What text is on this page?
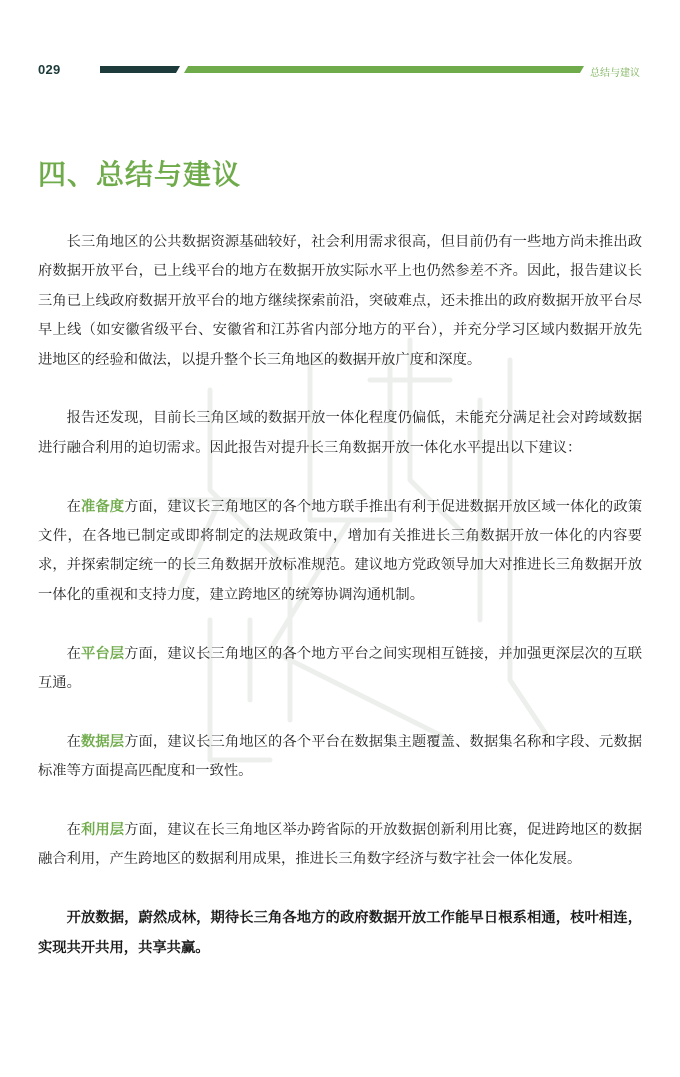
029	总结与建议
四、总结与建议

长三角地区的公共数据资源基础较好，社会利用需求很高，但目前仍有一些地方尚未推出政府数据开放平台，已上线平台的地方在数据开放实际水平上也仍然参差不齐。因此，报告建议长三角已上线政府数据开放平台的地方继续探索前沿，突破难点，还未推出的政府数据开放平台尽早上线（如安徽省级平台、安徽省和江苏省内部分地方的平台），并充分学习区域内数据开放先进地区的经验和做法，以提升整个长三角地区的数据开放广度和深度。

报告还发现，目前长三角区域的数据开放一体化程度仍偏低，未能充分满足社会对跨域数据进行融合利用的迫切需求。因此报告对提升长三角数据开放一体化水平提出以下建议：

在准备度方面，建议长三角地区的各个地方联手推出有利于促进数据开放区域一体化的政策文件，在各地已制定或即将制定的法规政策中，增加有关推进长三角数据开放一体化的内容要求，并探索制定统一的长三角数据开放标准规范。建议地方党政领导加大对推进长三角数据开放一体化的重视和支持力度，建立跨地区的统筹协调沟通机制。

在平台层方面，建议长三角地区的各个地方平台之间实现相互链接，并加强更深层次的互联互通。

在数据层方面，建议长三角地区的各个平台在数据集主题覆盖、数据集名称和字段、元数据标准等方面提高匹配度和一致性。

在利用层方面，建议在长三角地区举办跨省际的开放数据创新利用比赛，促进跨地区的数据融合利用，产生跨地区的数据利用成果，推进长三角数字经济与数字社会一体化发展。

开放数据，蔚然成林，期待长三角各地方的政府数据开放工作能早日根系相通，枝叶相连，实现共开共用，共享共赢。
